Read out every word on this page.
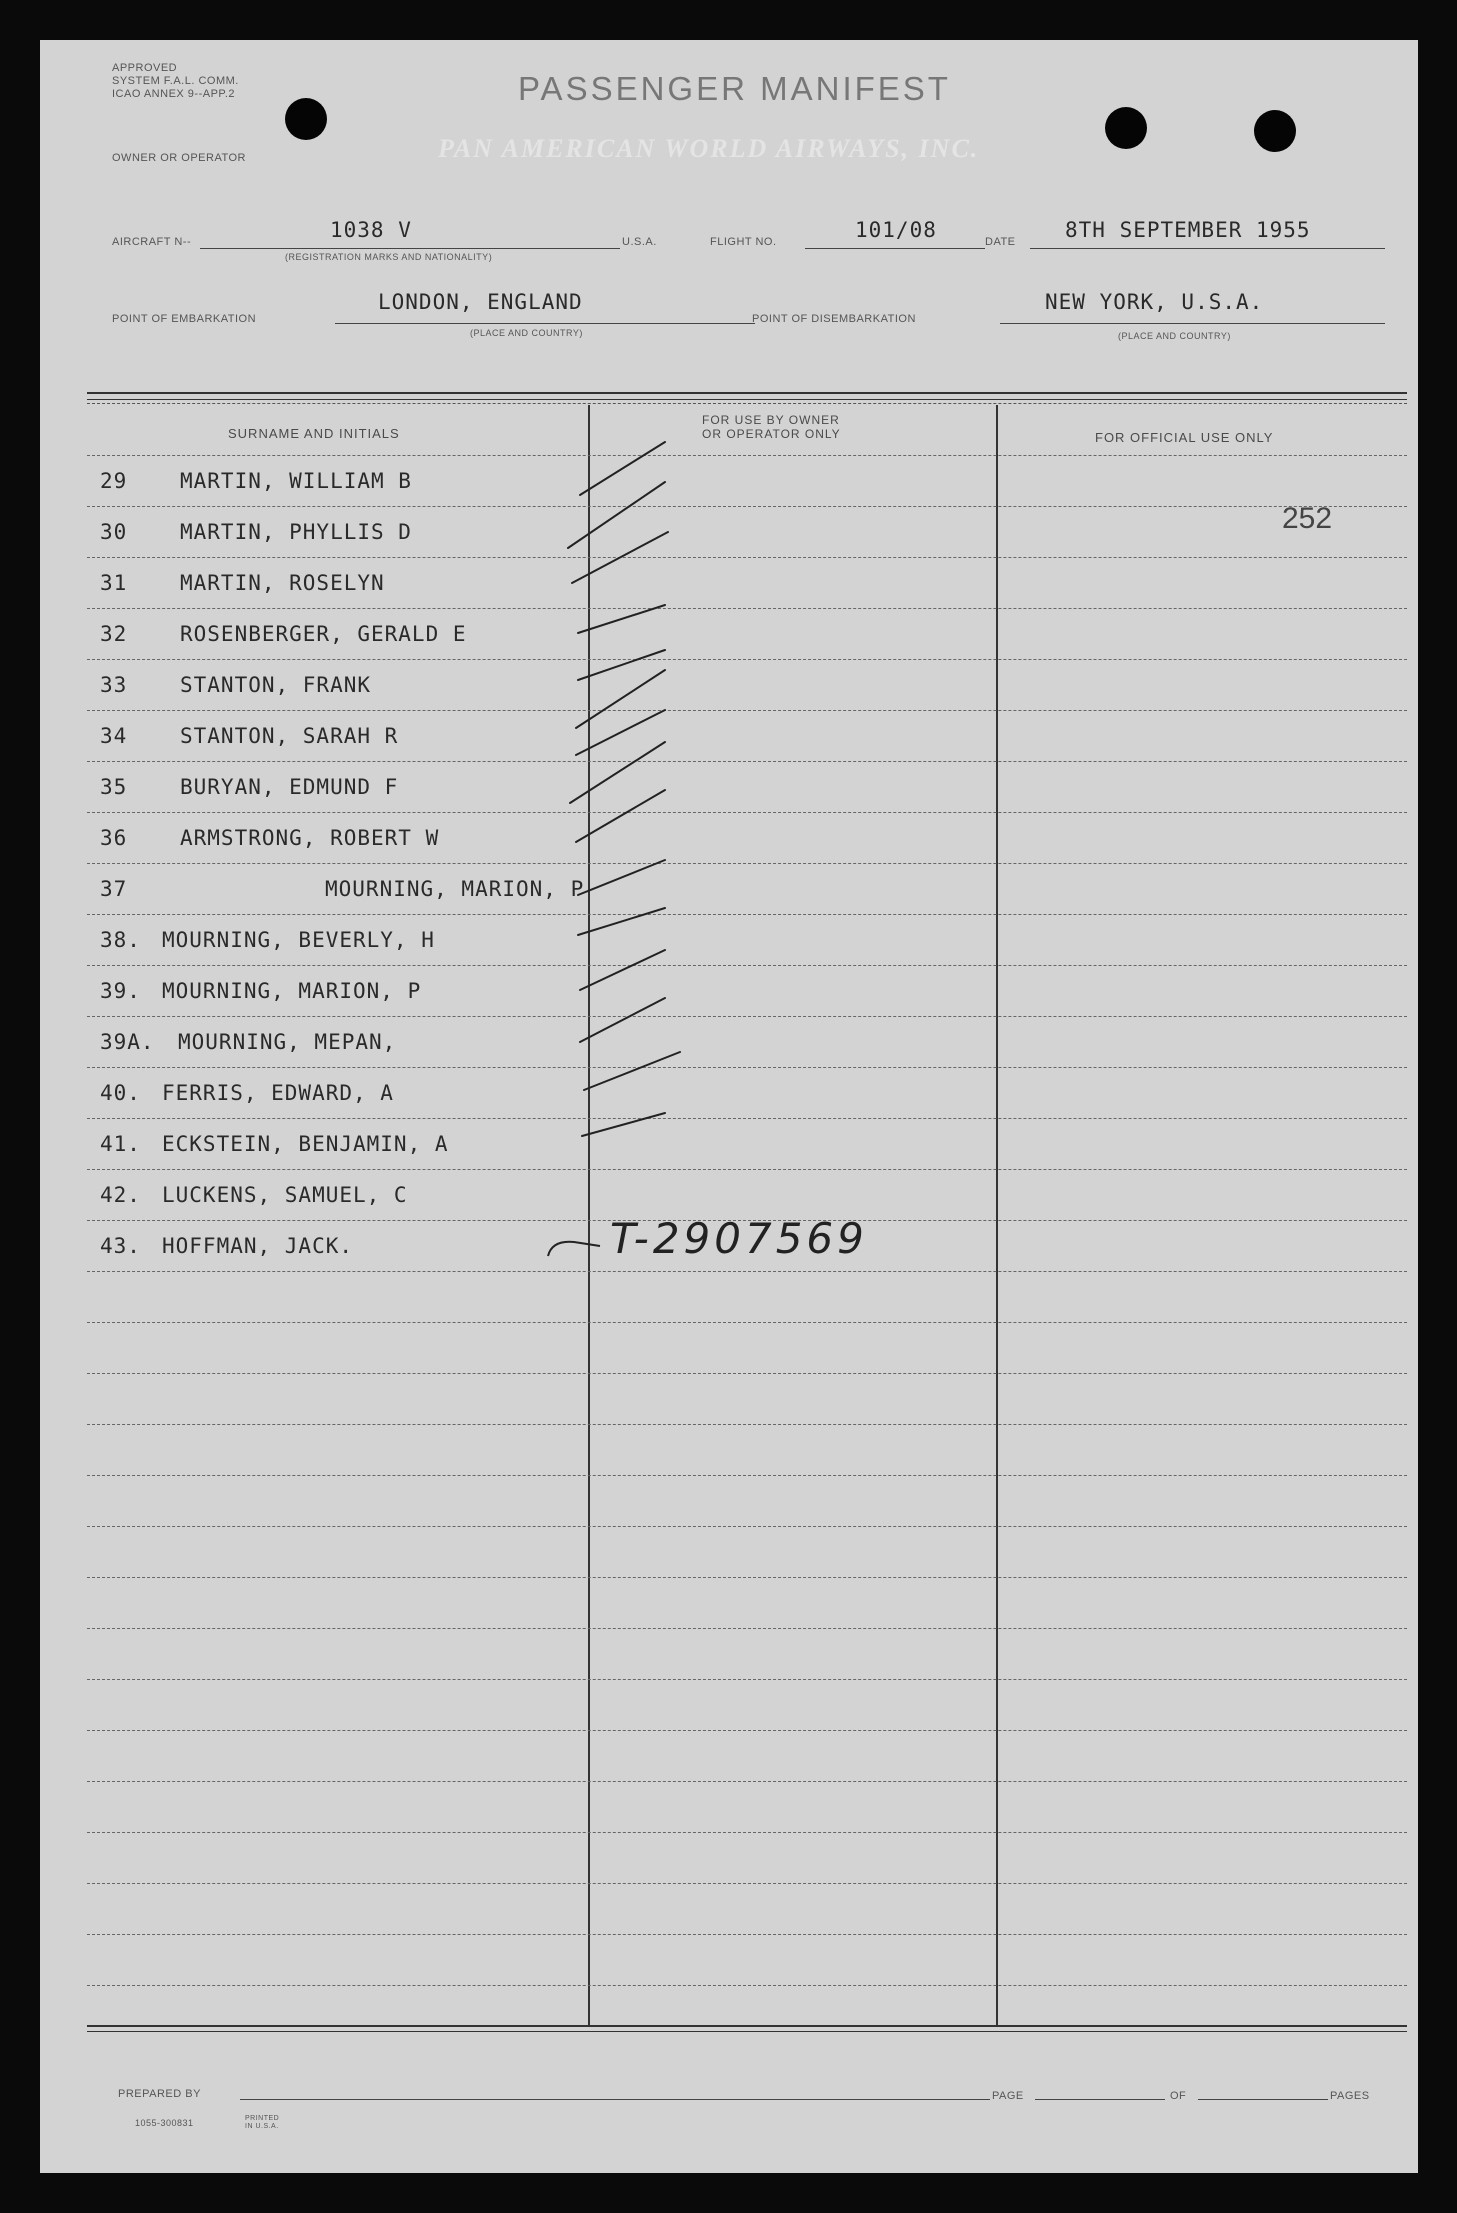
APPROVED
SYSTEM F.A.L. COMM.
ICAO ANNEX 9--APP.2	PASSENGER MANIFEST
OWNER OR OPERATOR	PAN AMERICAN WORLD AIRWAYS, INC.
AIRCRAFT N--	1038 V
(REGISTRATION MARKS AND NATIONALITY)
U.S.A.	FLIGHT NO.	101/08	DATE 8TH SEPTEMBER 1955
POINT OF EMBARKATION
LONDON, ENGLAND
(PLACE AND COUNTRY)
POINT OF DISEMBARKATION
NEW YORK, U.S.A.
(PLACE AND COUNTRY)
SURNAME AND INITIALS
FOR USE BY OWNER
OR OPERATOR ONLY	FOR OFFICIAL USE ONLY
252
29	MARTIN, WILLIAM B
30	MARTIN, PHYLLIS D
31	MARTIN, ROSELYN
32	ROSENBERGER, GERALD E
33	STANTON, FRANK
34	STANTON, SARAH R
35	BURYAN, EDMUND F
36	ARMSTRONG, ROBERT W
37	MOURNING, MARION, P
38. MOURNING, BEVERLY, H
39. MOURNING, MARION, P
39A. MOURNING, MEPAN,
40. FERRIS, EDWARD, A
41. ECKSTEIN, BENJAMIN, A
42. LUCKENS, SAMUEL, C
43. HOFFMAN, JACK.	T-2907569
PREPARED BY	PAGE	OF	PAGES
1055-300831	PRINTED IN U.S.A.
